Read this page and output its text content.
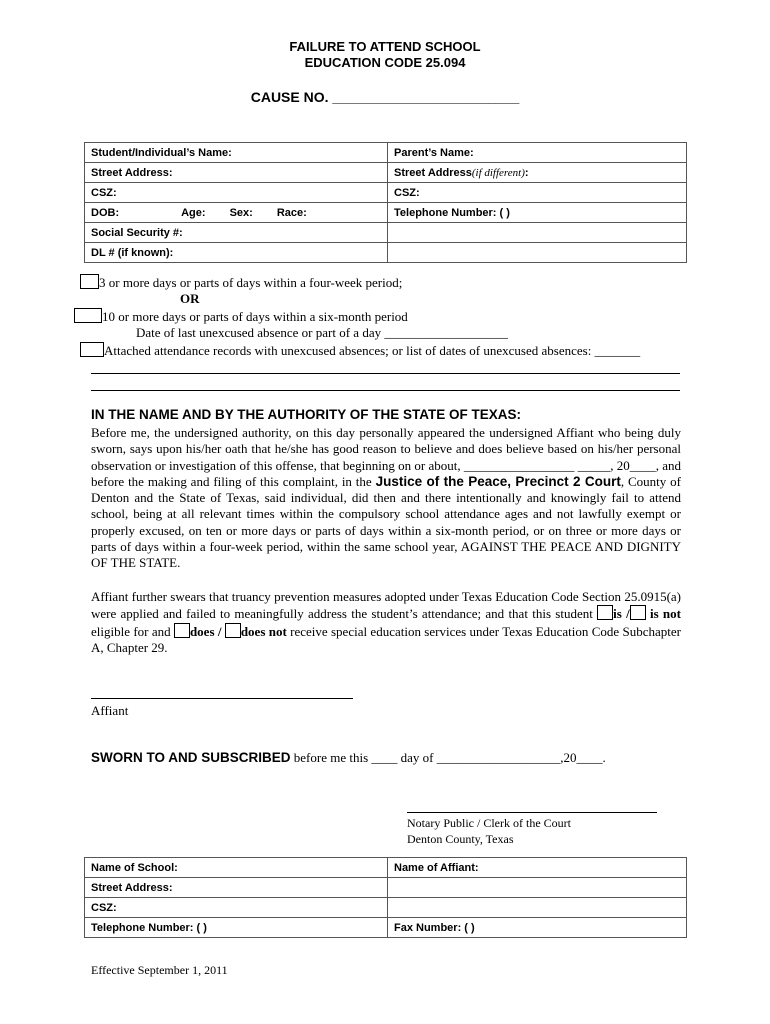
FAILURE TO ATTEND SCHOOL
EDUCATION CODE 25.094
CAUSE NO. ________________________
Student/Individual’s Name:	Parent’s Name:
Street Address:	Street Address(if different):
CSZ:	CSZ:
DOB: Age: Sex: Race:	Telephone Number: ( )
Social Security #:	
DL # (if known):	
3 or more days or parts of days within a four-week period;
OR
10 or more days or parts of days within a six-month period
Date of last unexcused absence or part of a day ___________________
Attached attendance records with unexcused absences; or list of dates of unexcused absences: _______
IN THE NAME AND BY THE AUTHORITY OF THE STATE OF TEXAS:
Before me, the undersigned authority, on this day personally appeared the undersigned Affiant who being duly sworn, says upon his/her oath that he/she has good reason to believe and does believe based on his/her personal observation or investigation of this offense, that beginning on or about, _________________ _____, 20____, and before the making and filing of this complaint, in the Justice of the Peace, Precinct 2 Court, County of Denton and the State of Texas, said individual, did then and there intentionally and knowingly fail to attend school, being at all relevant times within the compulsory school attendance ages and not lawfully exempt or properly excused, on ten or more days or parts of days within a six-month period, or on three or more days or parts of days within a four-week period, within the same school year, AGAINST THE PEACE AND DIGNITY OF THE STATE.
Affiant further swears that truancy prevention measures adopted under Texas Education Code Section 25.0915(a) were applied and failed to meaningfully address the student’s attendance; and that this student is / is not eligible for and does / does not receive special education services under Texas Education Code Subchapter A, Chapter 29.
Affiant
SWORN TO AND SUBSCRIBED before me this ____ day of ___________________,20____.
Notary Public / Clerk of the Court
Denton County, Texas
Name of School:	Name of Affiant:
Street Address:	
CSZ:	
Telephone Number: ( )	Fax Number: ( )
Effective September 1, 2011
